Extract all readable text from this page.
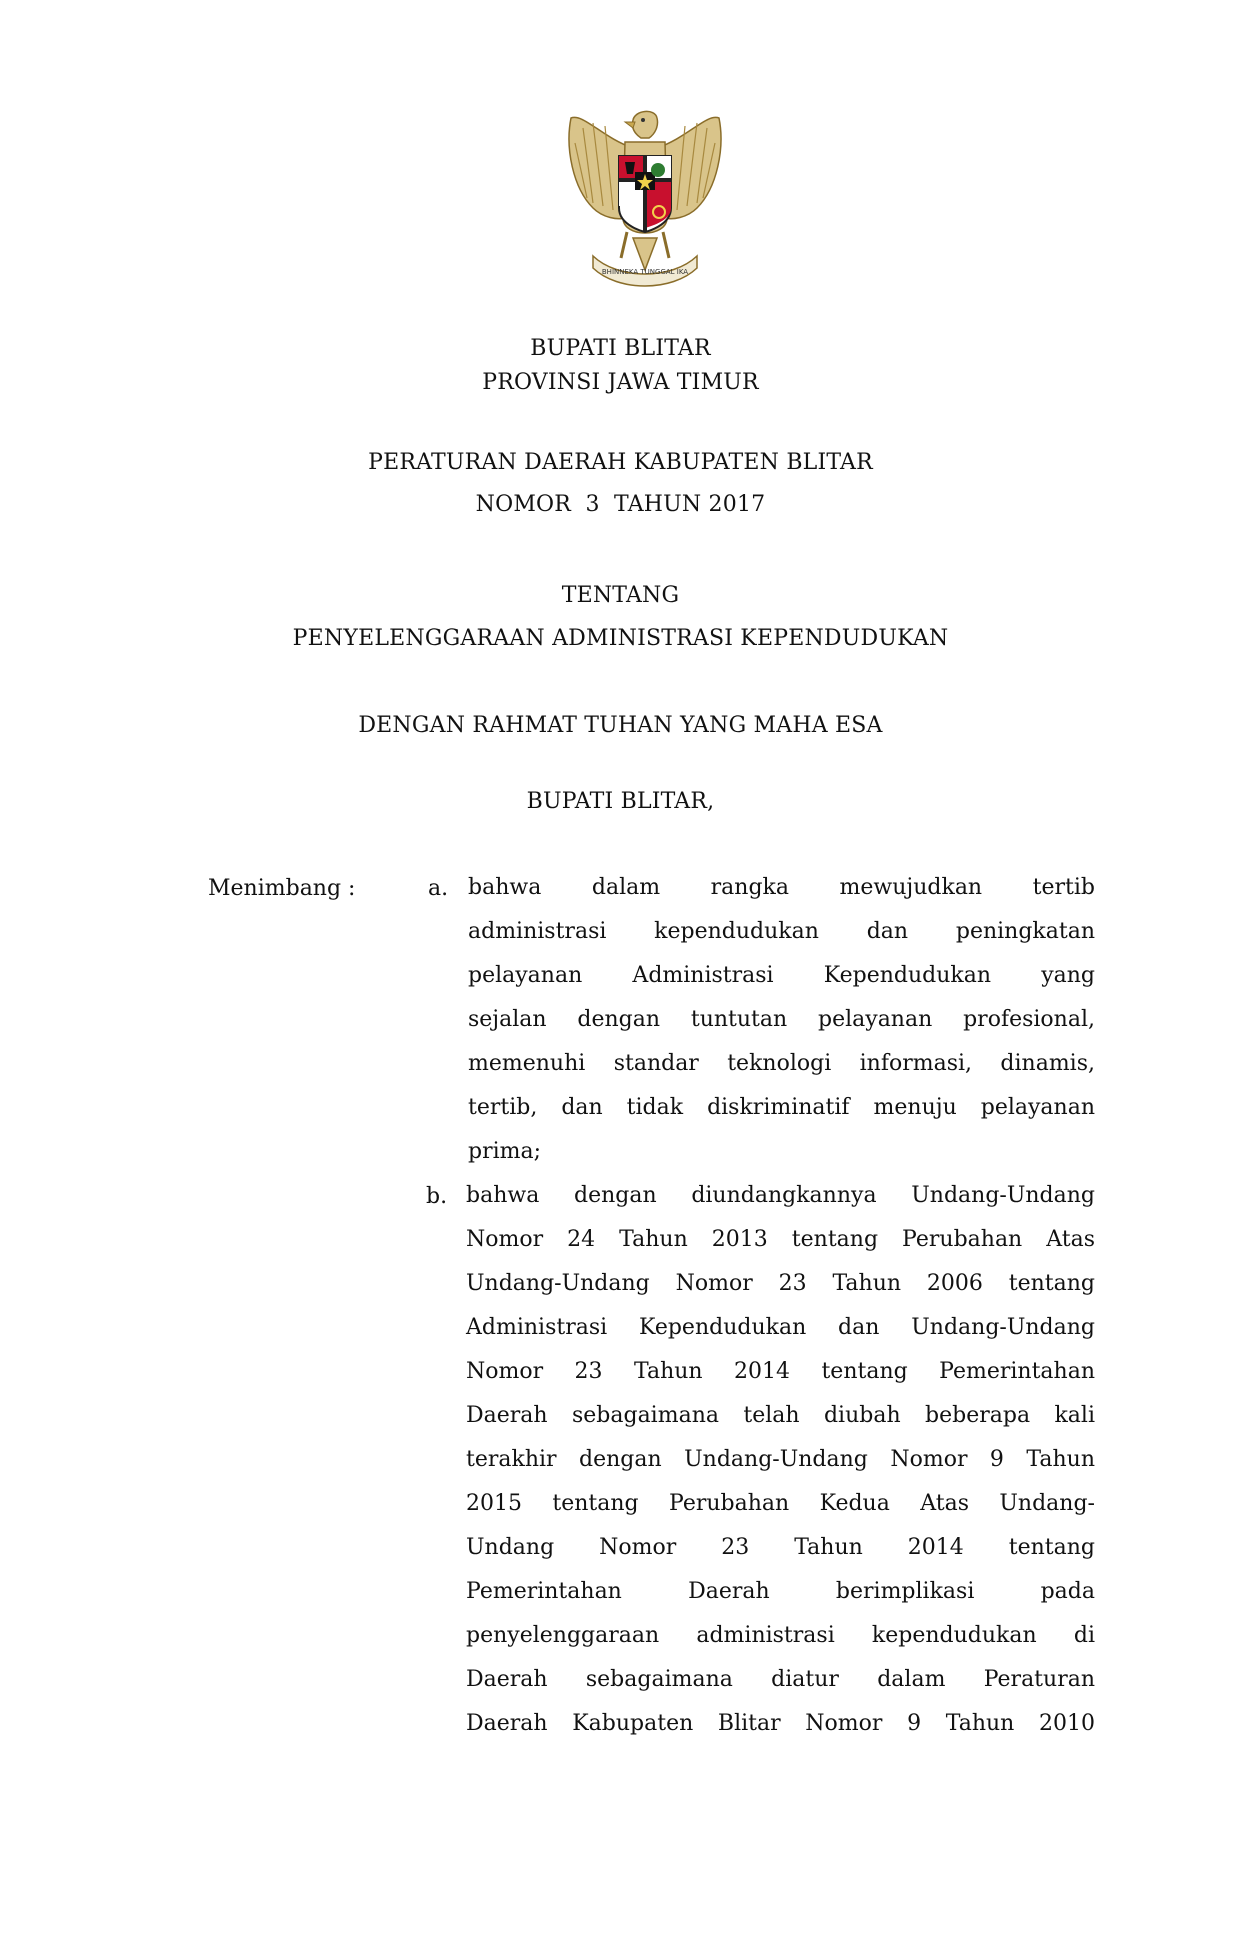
BHINNEKA TUNGGAL IKA
BUPATI BLITAR
PROVINSI JAWA TIMUR
PERATURAN DAERAH KABUPATEN BLITAR
NOMOR  3  TAHUN 2017
TENTANG
PENYELENGGARAAN ADMINISTRASI KEPENDUDUKAN
DENGAN RAHMAT TUHAN YANG MAHA ESA
BUPATI BLITAR,
Menimbang :	a. bahwa dalam rangka mewujudkan tertib
administrasi kependudukan dan peningkatan
pelayanan Administrasi Kependudukan yang
sejalan dengan tuntutan pelayanan profesional,
memenuhi standar teknologi informasi, dinamis,
tertib, dan tidak diskriminatif menuju pelayanan
prima;
b. bahwa dengan diundangkannya Undang-Undang
Nomor 24 Tahun 2013 tentang Perubahan Atas
Undang-Undang Nomor 23 Tahun 2006 tentang
Administrasi Kependudukan dan Undang-Undang
Nomor 23 Tahun 2014 tentang Pemerintahan
Daerah sebagaimana telah diubah beberapa kali
terakhir dengan Undang-Undang Nomor 9 Tahun
2015 tentang Perubahan Kedua Atas Undang-
Undang Nomor 23 Tahun 2014 tentang
Pemerintahan Daerah berimplikasi pada
penyelenggaraan administrasi kependudukan di
Daerah sebagaimana diatur dalam Peraturan
Daerah Kabupaten Blitar Nomor 9 Tahun 2010
